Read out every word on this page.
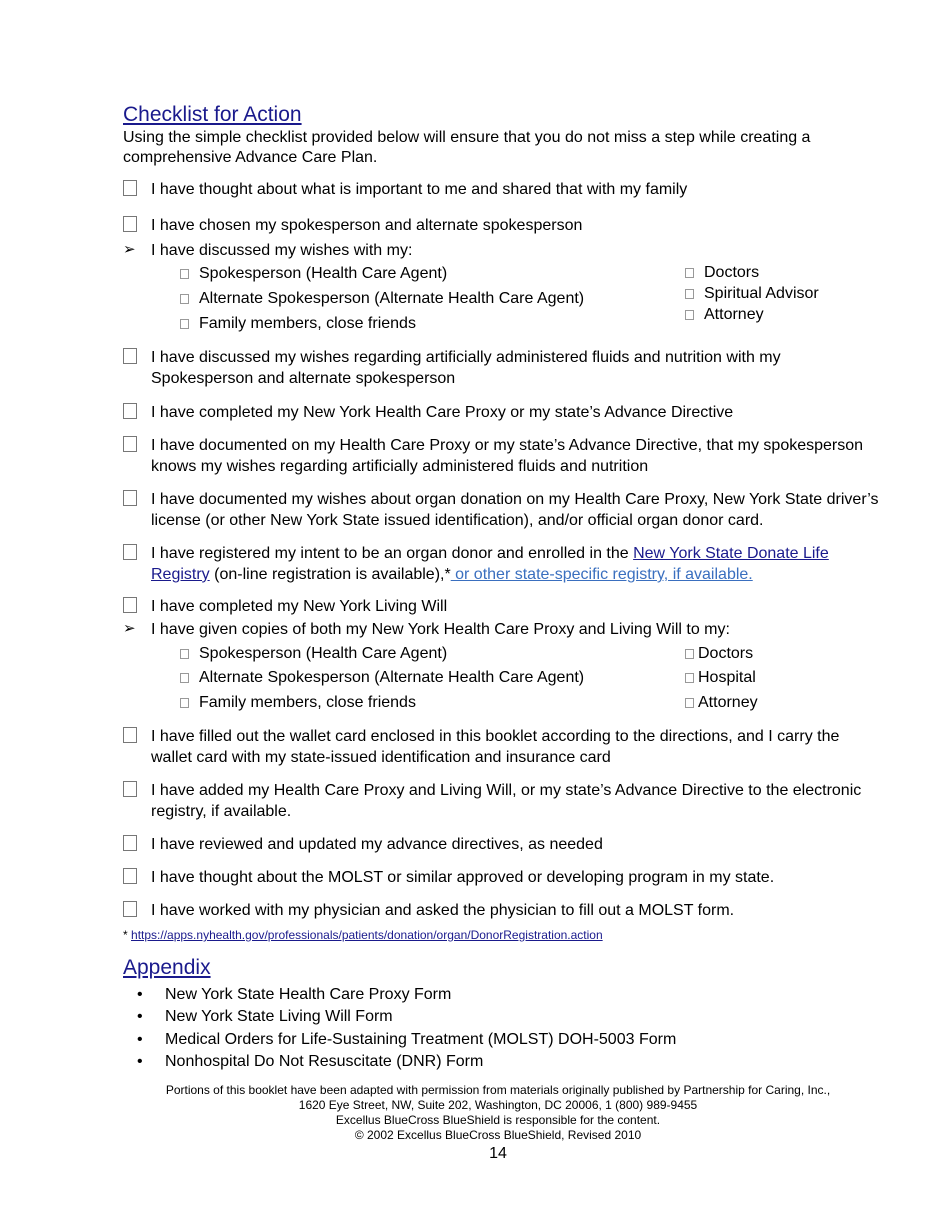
Checklist for Action
Using the simple checklist provided below will ensure that you do not miss a step while creating a comprehensive Advance Care Plan.
I have thought about what is important to me and shared that with my family
I have chosen my spokesperson and alternate spokesperson
➢ I have discussed my wishes with my:
Spokesperson (Health Care Agent)
Alternate Spokesperson (Alternate Health Care Agent)
Family members, close friends
Doctors
Spiritual Advisor
Attorney
I have discussed my wishes regarding artificially administered fluids and nutrition with my Spokesperson and alternate spokesperson
I have completed my New York Health Care Proxy or my state’s Advance Directive
I have documented on my Health Care Proxy or my state’s Advance Directive, that my spokesperson knows my wishes regarding artificially administered fluids and nutrition
I have documented my wishes about organ donation on my Health Care Proxy, New York State driver’s license (or other New York State issued identification), and/or official organ donor card.
I have registered my intent to be an organ donor and enrolled in the New York State Donate Life Registry (on-line registration is available),* or other state-specific registry, if available.
I have completed my New York Living Will
➢ I have given copies of both my New York Health Care Proxy and Living Will to my:
Spokesperson (Health Care Agent)
Alternate Spokesperson (Alternate Health Care Agent)
Family members, close friends
Doctors
Hospital
Attorney
I have filled out the wallet card enclosed in this booklet according to the directions, and I carry the wallet card with my state-issued identification and insurance card
I have added my Health Care Proxy and Living Will, or my state’s Advance Directive to the electronic registry, if available.
I have reviewed and updated my advance directives, as needed
I have thought about the MOLST or similar approved or developing program in my state.
I have worked with my physician and asked the physician to fill out a MOLST form.
* https://apps.nyhealth.gov/professionals/patients/donation/organ/DonorRegistration.action
Appendix
• New York State Health Care Proxy Form
• New York State Living Will Form
• Medical Orders for Life-Sustaining Treatment (MOLST) DOH-5003 Form
• Nonhospital Do Not Resuscitate (DNR) Form
Portions of this booklet have been adapted with permission from materials originally published by Partnership for Caring, Inc.,
1620 Eye Street, NW, Suite 202, Washington, DC 20006, 1 (800) 989-9455
Excellus BlueCross BlueShield is responsible for the content.
© 2002 Excellus BlueCross BlueShield, Revised 2010
14
